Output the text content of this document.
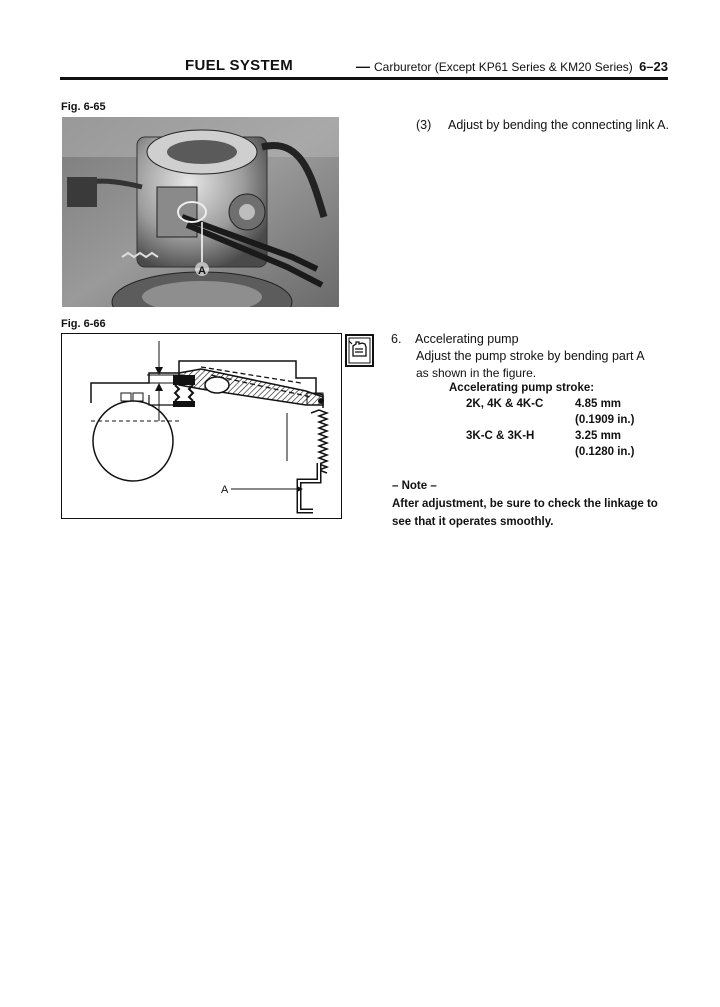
FUEL SYSTEM	— Carburetor (Except KP61 Series & KM20 Series) 6–23
Fig. 6-65
A
Fig. 6-66
A
(3) Adjust by bending the connecting link A.
6. Accelerating pump
Adjust the pump stroke by bending part A
as shown in the figure.
Accelerating pump stroke:
2K, 4K & 4K-C	4.85 mm
(0.1909 in.)
3K-C & 3K-H	3.25 mm
(0.1280 in.)
– Note –
After adjustment, be sure to check the linkage to see that it operates smoothly.
